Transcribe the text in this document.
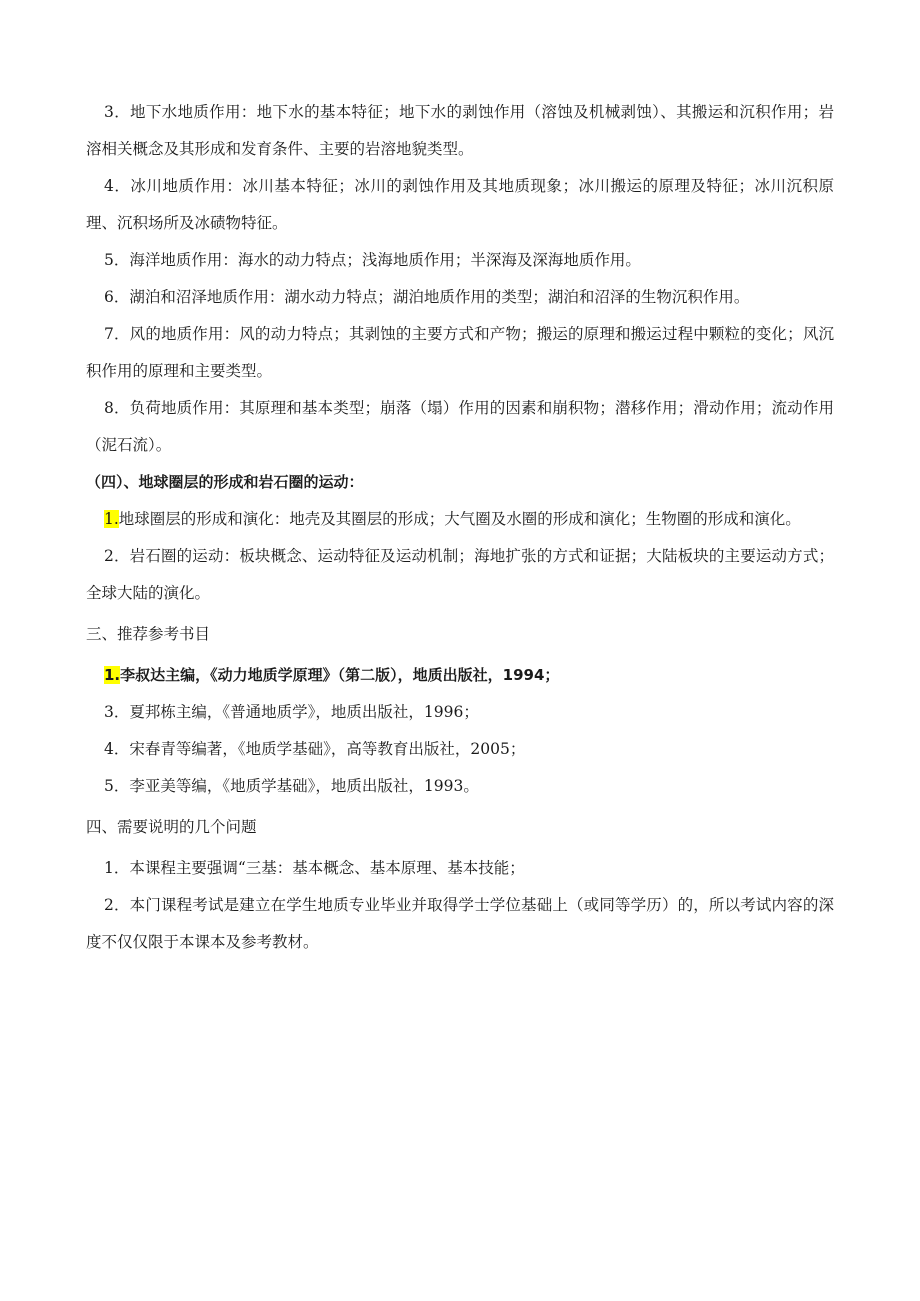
3．地下水地质作用：地下水的基本特征；地下水的剥蚀作用（溶蚀及机械剥蚀）、其搬运和沉积作用；岩溶相关概念及其形成和发育条件、主要的岩溶地貌类型。

4．冰川地质作用：冰川基本特征；冰川的剥蚀作用及其地质现象；冰川搬运的原理及特征；冰川沉积原理、沉积场所及冰碛物特征。

5．海洋地质作用：海水的动力特点；浅海地质作用；半深海及深海地质作用。

6．湖泊和沼泽地质作用：湖水动力特点；湖泊地质作用的类型；湖泊和沼泽的生物沉积作用。

7．风的地质作用：风的动力特点；其剥蚀的主要方式和产物；搬运的原理和搬运过程中颗粒的变化；风沉积作用的原理和主要类型。

8．负荷地质作用：其原理和基本类型；崩落（塌）作用的因素和崩积物；潜移作用；滑动作用；流动作用（泥石流）。

（四）、地球圈层的形成和岩石圈的运动：

1.地球圈层的形成和演化：地壳及其圈层的形成；大气圈及水圈的形成和演化；生物圈的形成和演化。

2．岩石圈的运动：板块概念、运动特征及运动机制；海地扩张的方式和证据；大陆板块的主要运动方式；全球大陆的演化。

三、推荐参考书目

1.李叔达主编，《动力地质学原理》（第二版），地质出版社，1994；

3．夏邦栋主编，《普通地质学》，地质出版社，1996；

4．宋春青等编著，《地质学基础》，高等教育出版社，2005；

5．李亚美等编，《地质学基础》，地质出版社，1993。

四、需要说明的几个问题

1．本课程主要强调“三基：基本概念、基本原理、基本技能；

2．本门课程考试是建立在学生地质专业毕业并取得学士学位基础上（或同等学历）的，所以考试内容的深度不仅仅限于本课本及参考教材。
